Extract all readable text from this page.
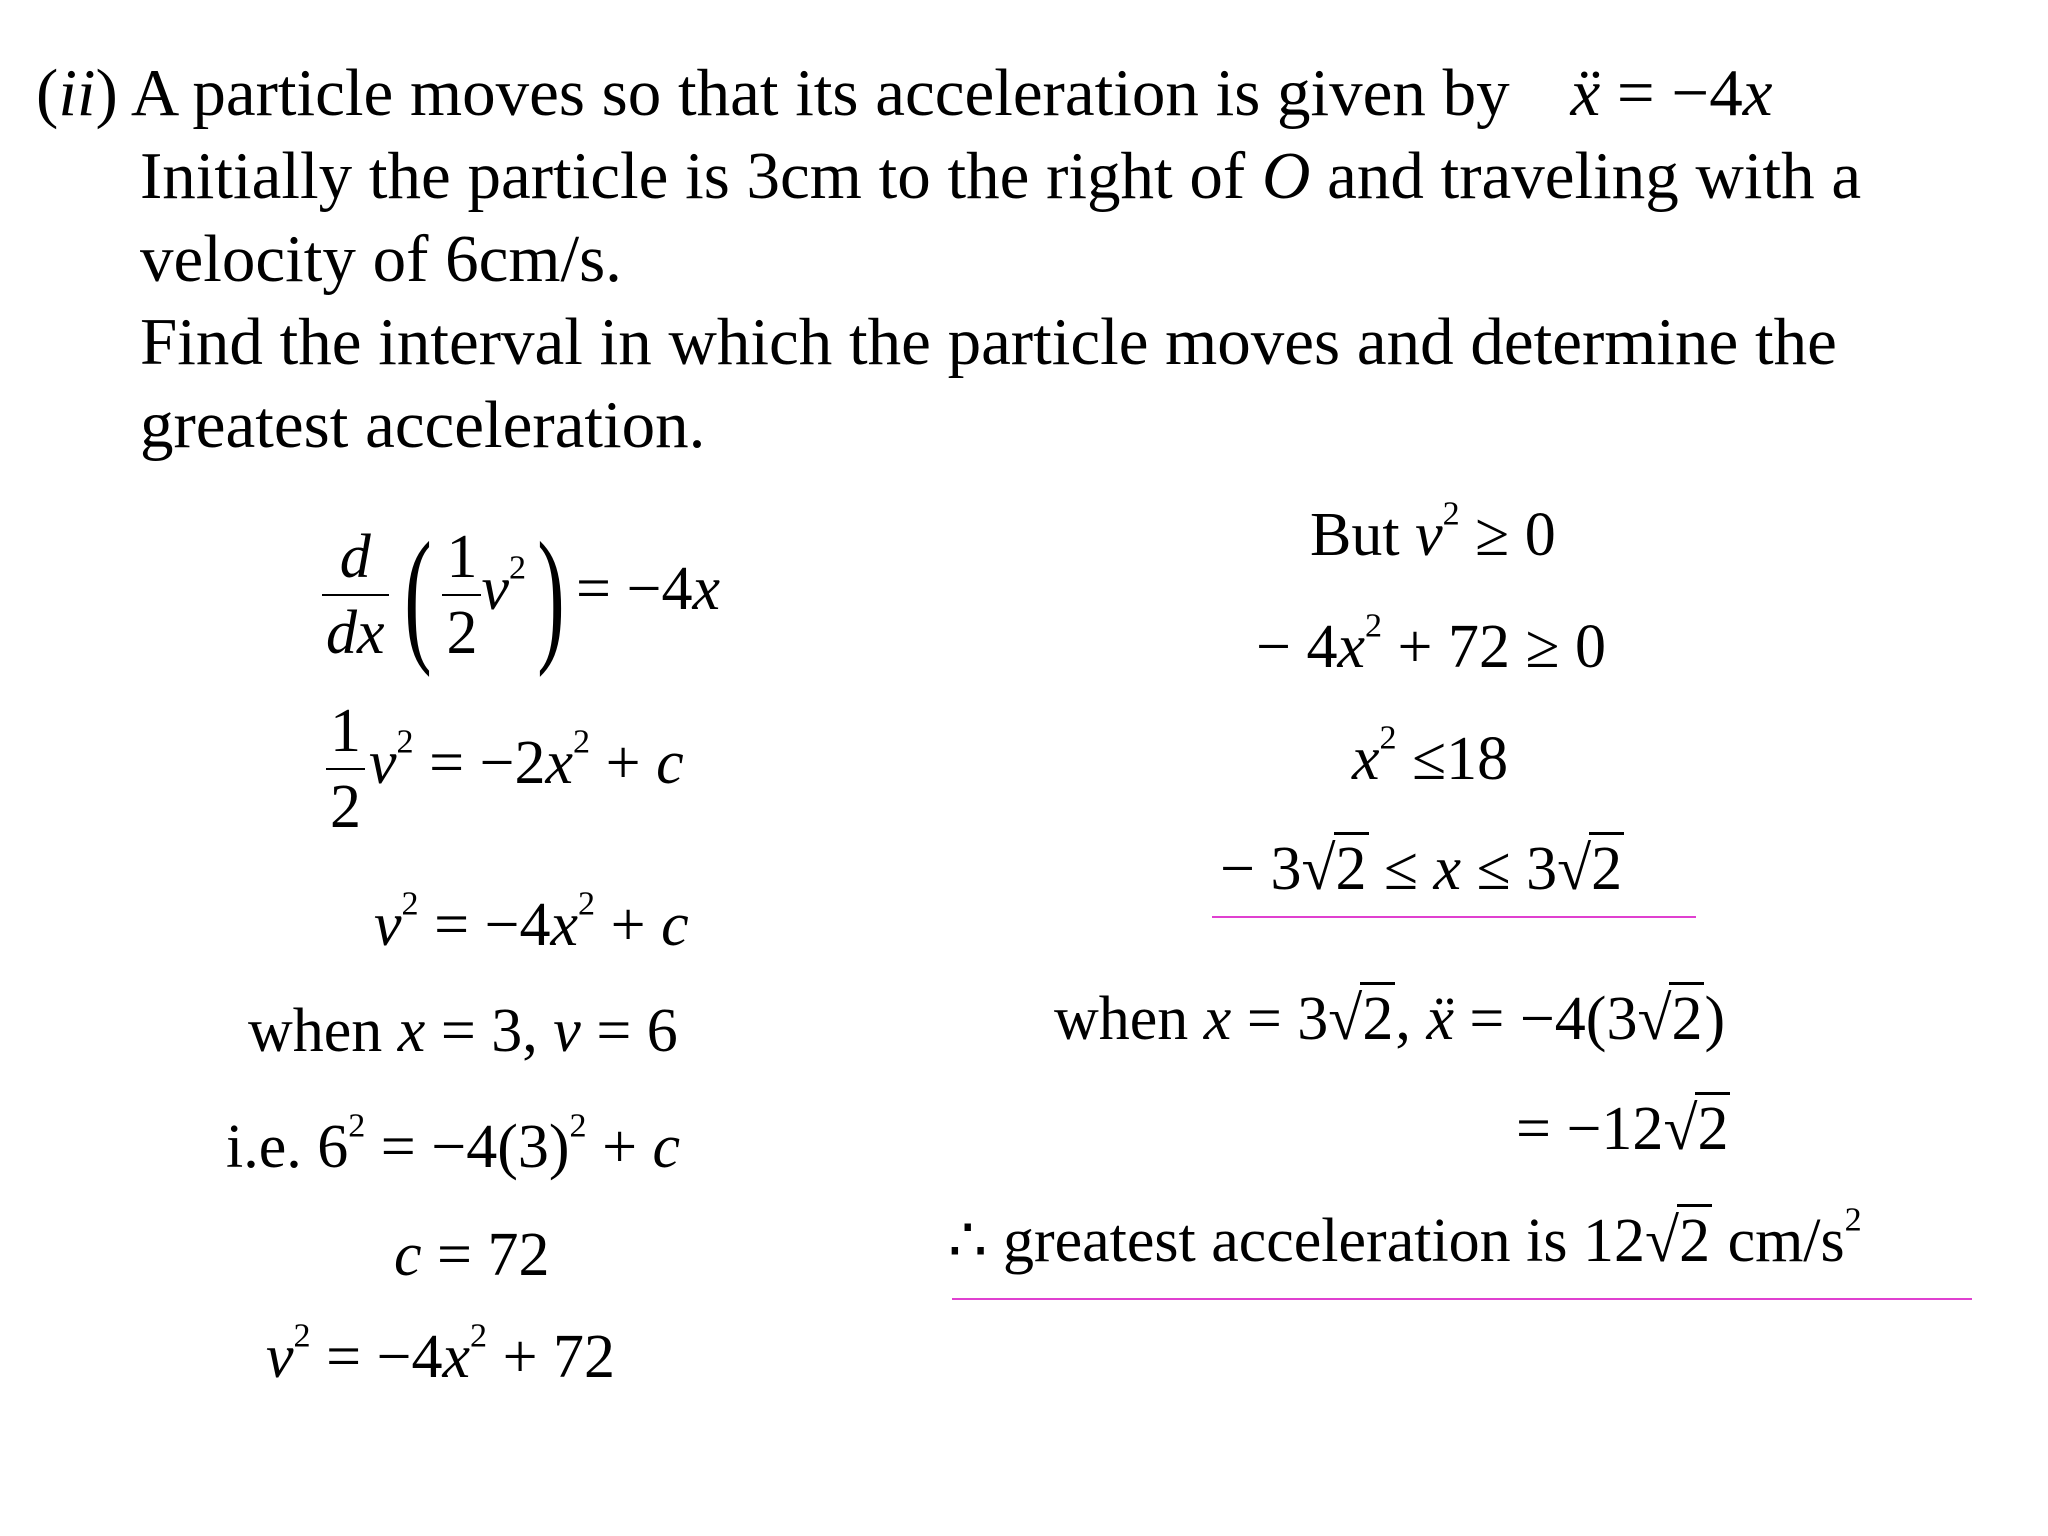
(ii) A particle moves so that its acceleration is given by ẍ = −4x
Initially the particle is 3cm to the right of O and traveling with a
velocity of 6cm/s.
Find the interval in which the particle moves and determine the
greatest acceleration.
$\frac{d}{dx}$ ( $\frac{1}{2} v^2) = -4x$
$\frac{1}{2} v^2 = -2x^2 + c$
$v^2 = -4x^2 + c$
when x = 3, v = 6
i.e. $6^2 = -4(3)^2 + c$
c = 72
$v^2 = -4x^2 + 72$
But $v^2 \ge 0$
− $4x^2 + 72 \ge 0$
$x^2 \le 18$
− 3√2 ≤ x ≤ 3√2
when x = 3√2, ẍ = −4(3√2)
= −12√2
∴ greatest acceleration is 12√2 $cm/s^2$
